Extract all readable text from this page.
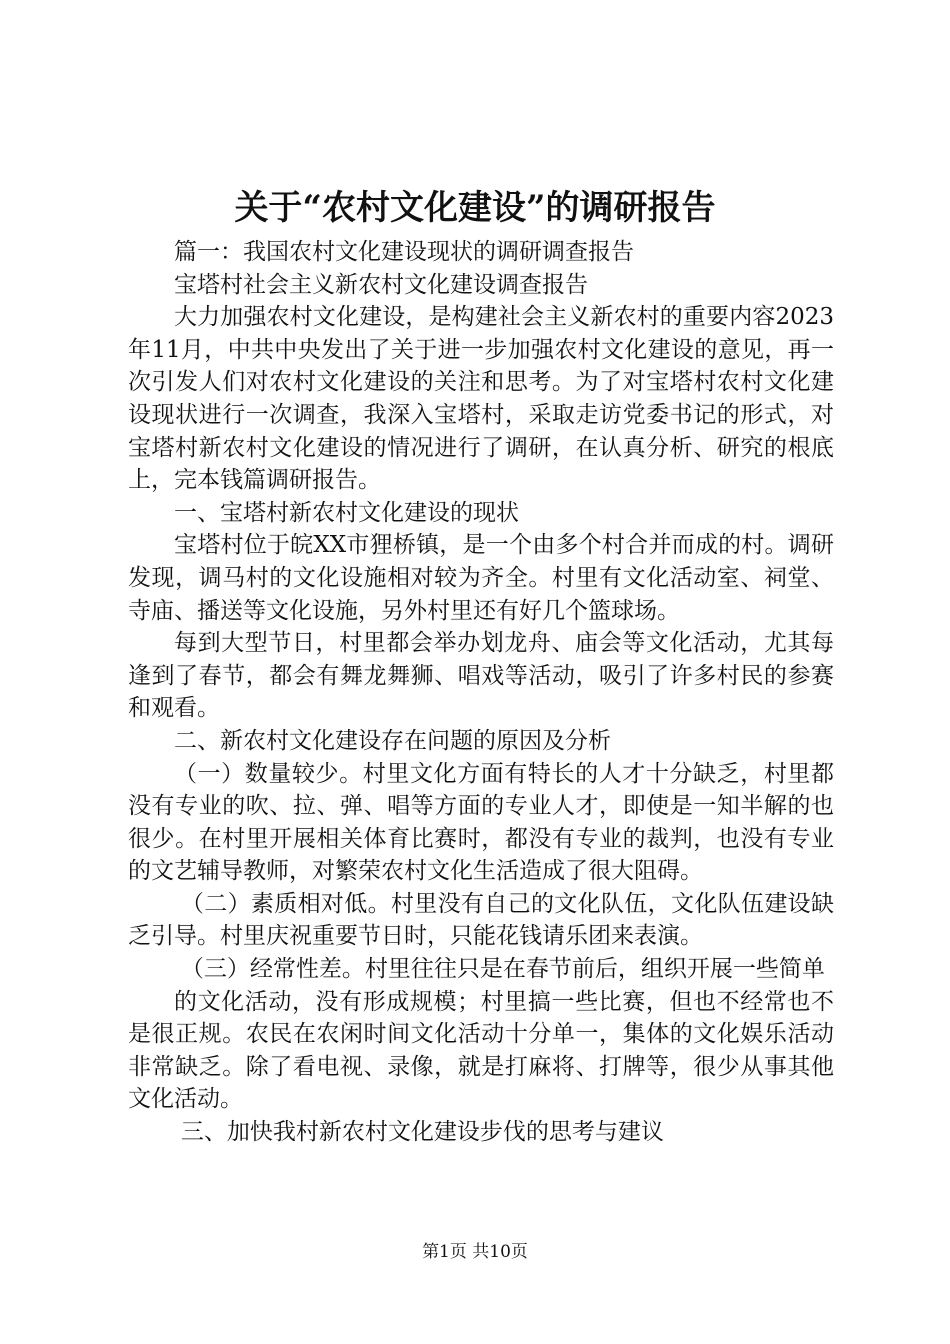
关于“农村文化建设”的调研报告

篇一：我国农村文化建设现状的调研调查报告

宝塔村社会主义新农村文化建设调查报告

大力加强农村文化建设，是构建社会主义新农村的重要内容2023年11月，中共中央发出了关于进一步加强农村文化建设的意见，再一次引发人们对农村文化建设的关注和思考。为了对宝塔村农村文化建设现状进行一次调查，我深入宝塔村，采取走访党委书记的形式，对宝塔村新农村文化建设的情况进行了调研，在认真分析、研究的根底上，完本钱篇调研报告。

一、宝塔村新农村文化建设的现状

宝塔村位于皖XX市狸桥镇，是一个由多个村合并而成的村。调研发现，调马村的文化设施相对较为齐全。村里有文化活动室、祠堂、寺庙、播送等文化设施，另外村里还有好几个篮球场。

每到大型节日，村里都会举办划龙舟、庙会等文化活动，尤其每逢到了春节，都会有舞龙舞狮、唱戏等活动，吸引了许多村民的参赛和观看。

二、新农村文化建设存在问题的原因及分析

（一）数量较少。村里文化方面有特长的人才十分缺乏，村里都没有专业的吹、拉、弹、唱等方面的专业人才，即使是一知半解的也很少。在村里开展相关体育比赛时，都没有专业的裁判，也没有专业的文艺辅导教师，对繁荣农村文化生活造成了很大阻碍。

（二）素质相对低。村里没有自己的文化队伍，文化队伍建设缺乏引导。村里庆祝重要节日时，只能花钱请乐团来表演。

（三）经常性差。村里往往只是在春节前后，组织开展一些简单

的文化活动，没有形成规模；村里搞一些比赛，但也不经常也不是很正规。农民在农闲时间文化活动十分单一，集体的文化娱乐活动非常缺乏。除了看电视、录像，就是打麻将、打牌等，很少从事其他文化活动。

三、加快我村新农村文化建设步伐的思考与建议

第1页 共10页
